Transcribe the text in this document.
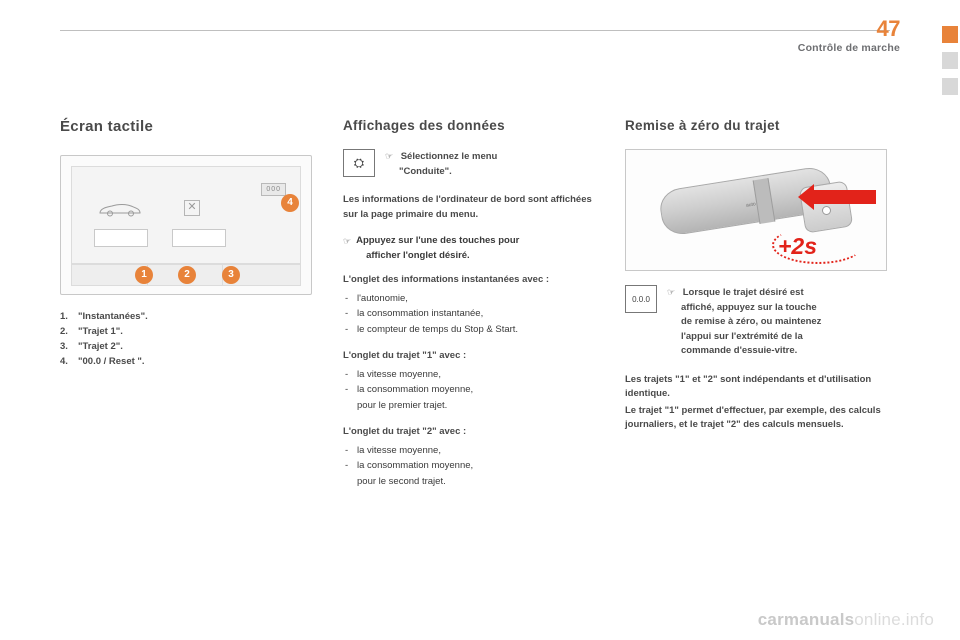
47
Contrôle de marche
Écran tactile
✕
000
1	2	3
4
1. "Instantanées".
2. "Trajet 1".
3. "Trajet 2".
4. "00.0 / Reset ".
Affichages des données
⛭	☞ Sélectionnez le menu
"Conduite".

Les informations de l'ordinateur de bord sont affichées sur la page primaire du menu.

☞ Appuyez sur l'une des touches pour
afficher l'onglet désiré.

L'onglet des informations instantanées avec :

- l'autonomie,
- la consommation instantanée,
- le compteur de temps du Stop & Start.

L'onglet du trajet "1" avec :

- la vitesse moyenne,
- la consommation moyenne,
pour le premier trajet.

L'onglet du trajet "2" avec :

- la vitesse moyenne,
- la consommation moyenne,
pour le second trajet.
Remise à zéro du trajet
auto
+2s
0.0.0
☞ Lorsque le trajet désiré est
affiché, appuyez sur la touche
de remise à zéro, ou maintenez
l'appui sur l'extrémité de la
commande d'essuie-vitre.

Les trajets "1" et "2" sont indépendants et d'utilisation identique.

Le trajet "1" permet d'effectuer, par exemple, des calculs journaliers, et le trajet "2" des calculs mensuels.

carmanualsonline.info
